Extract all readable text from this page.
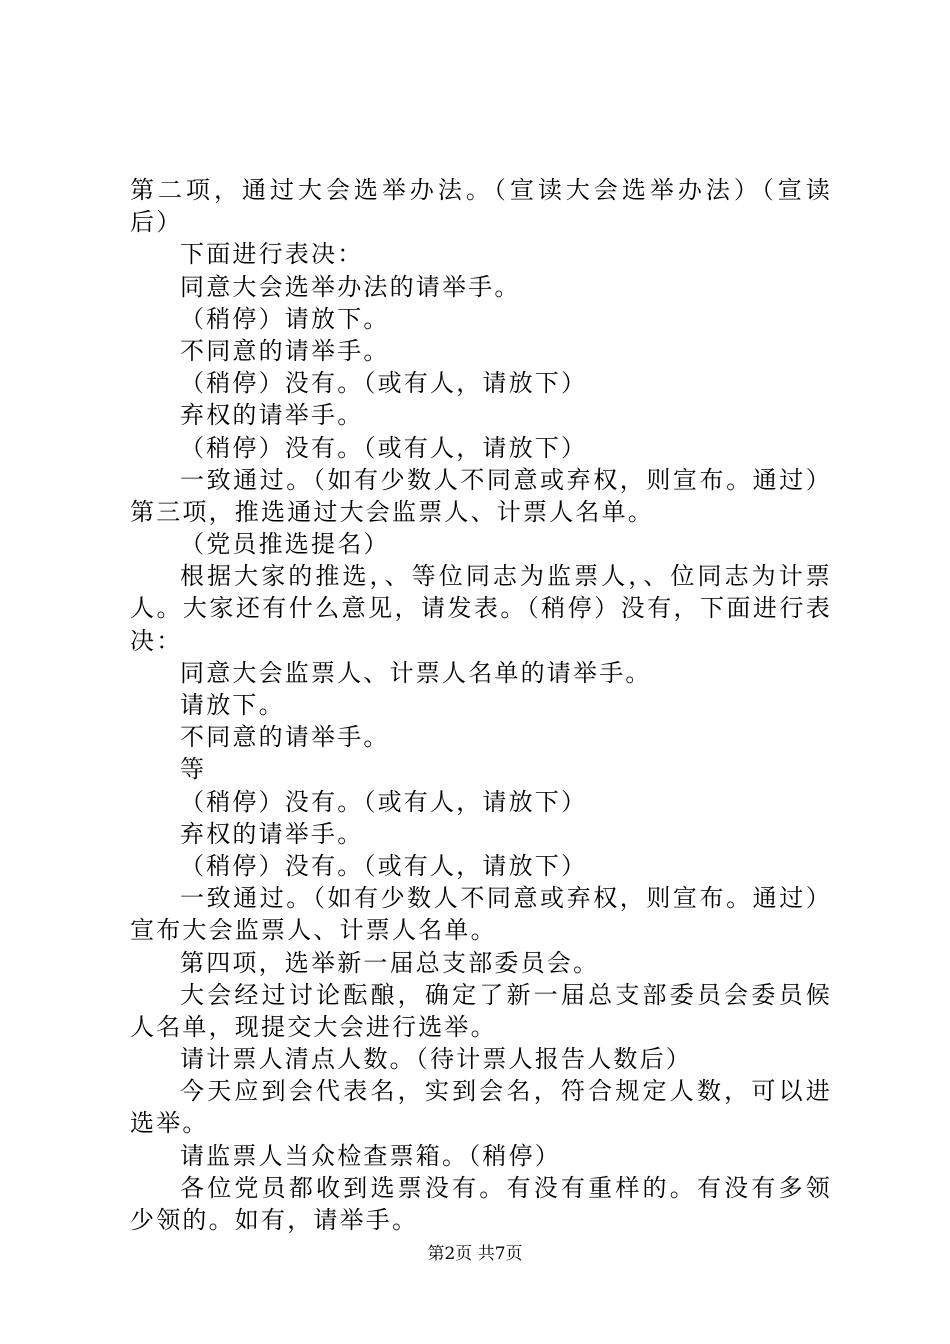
第二项，通过大会选举办法。（宣读大会选举办法）（宣读
后）
下面进行表决：
同意大会选举办法的请举手。
（稍停）请放下。
不同意的请举手。
（稍停）没有。（或有人，请放下）
弃权的请举手。
（稍停）没有。（或有人，请放下）
一致通过。（如有少数人不同意或弃权，则宣布。通过）
第三项，推选通过大会监票人、计票人名单。
（党员推选提名）
根据大家的推选，、等位同志为监票人，、位同志为计票
人。大家还有什么意见，请发表。（稍停）没有，下面进行表
决：
同意大会监票人、计票人名单的请举手。
请放下。
不同意的请举手。
等
（稍停）没有。（或有人，请放下）
弃权的请举手。
（稍停）没有。（或有人，请放下）
一致通过。（如有少数人不同意或弃权，则宣布。通过）
宣布大会监票人、计票人名单。
第四项，选举新一届总支部委员会。
大会经过讨论酝酿，确定了新一届总支部委员会委员候
人名单，现提交大会进行选举。
请计票人清点人数。（待计票人报告人数后）
今天应到会代表名，实到会名，符合规定人数，可以进
选举。
请监票人当众检查票箱。（稍停）
各位党员都收到选票没有。有没有重样的。有没有多领
少领的。如有，请举手。
第2页 共7页
